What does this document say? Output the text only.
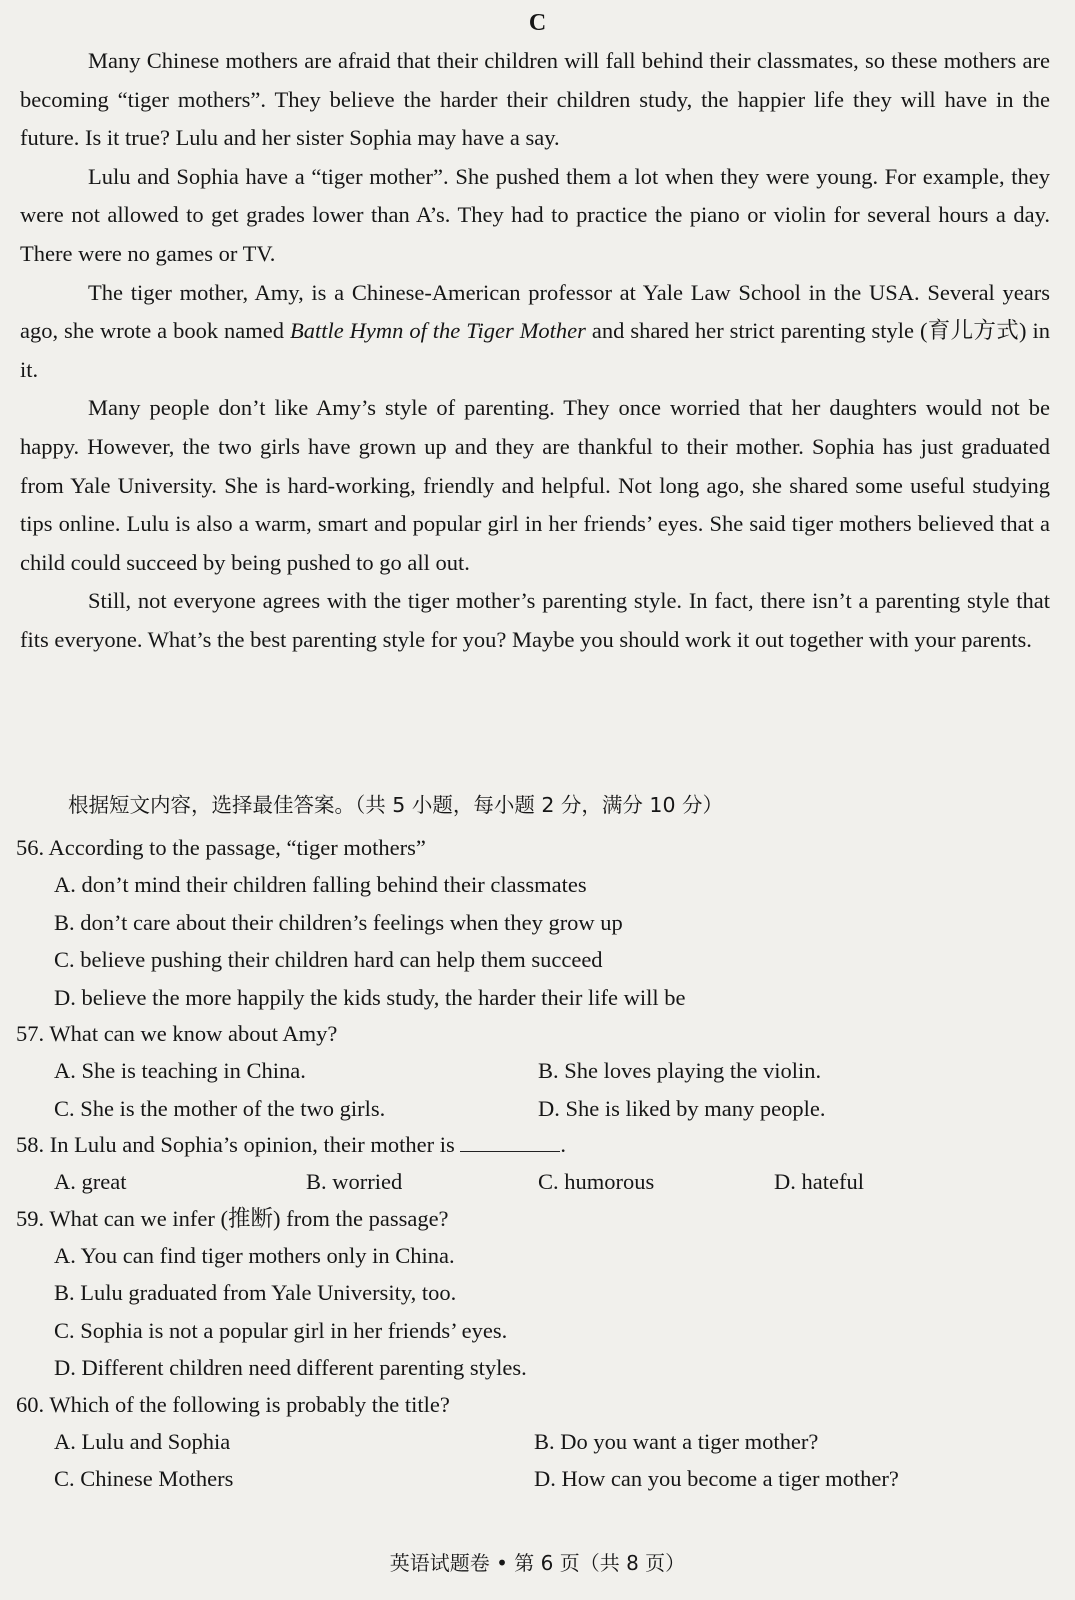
C

Many Chinese mothers are afraid that their children will fall behind their classmates, so these mothers are becoming “tiger mothers”. They believe the harder their children study, the happier life they will have in the future. Is it true? Lulu and her sister Sophia may have a say.

Lulu and Sophia have a “tiger mother”. She pushed them a lot when they were young. For example, they were not allowed to get grades lower than A’s. They had to practice the piano or violin for several hours a day. There were no games or TV.

The tiger mother, Amy, is a Chinese-American professor at Yale Law School in the USA. Several years ago, she wrote a book named Battle Hymn of the Tiger Mother and shared her strict parenting style (育儿方式) in it.

Many people don’t like Amy’s style of parenting. They once worried that her daughters would not be happy. However, the two girls have grown up and they are thankful to their mother. Sophia has just graduated from Yale University. She is hard-working, friendly and helpful. Not long ago, she shared some useful studying tips online. Lulu is also a warm, smart and popular girl in her friends’ eyes. She said tiger mothers believed that a child could succeed by being pushed to go all out.

Still, not everyone agrees with the tiger mother’s parenting style. In fact, there isn’t a parenting style that fits everyone. What’s the best parenting style for you? Maybe you should work it out together with your parents.

根据短文内容，选择最佳答案。（共 5 小题，每小题 2 分，满分 10 分）
56. According to the passage, “tiger mothers”
A. don’t mind their children falling behind their classmates
B. don’t care about their children’s feelings when they grow up
C. believe pushing their children hard can help them succeed
D. believe the more happily the kids study, the harder their life will be
57. What can we know about Amy?
A. She is teaching in China.	B. She loves playing the violin.
C. She is the mother of the two girls.	D. She is liked by many people.
58. In Lulu and Sophia’s opinion, their mother is	.
A. great	B. worried	C. humorous	D. hateful
59. What can we infer (推断) from the passage?
A. You can find tiger mothers only in China.
B. Lulu graduated from Yale University, too.
C. Sophia is not a popular girl in her friends’ eyes.
D. Different children need different parenting styles.
60. Which of the following is probably the title?
A. Lulu and Sophia	B. Do you want a tiger mother?
C. Chinese Mothers	D. How can you become a tiger mother?
英语试题卷 • 第 6 页（共 8 页）
